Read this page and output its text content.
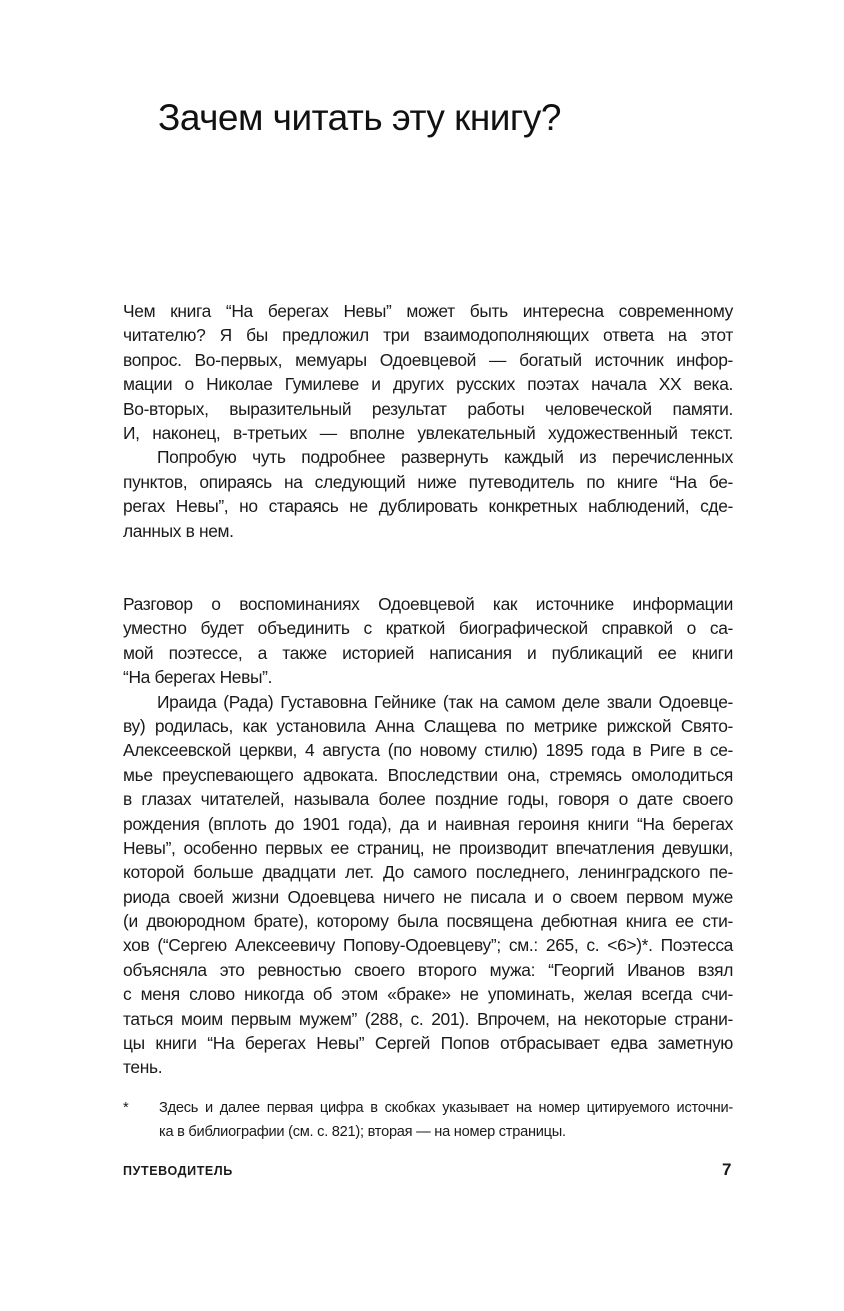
Зачем читать эту книгу?
Чем книга “На берегах Невы” может быть интересна современному
читателю? Я бы предложил три взаимодополняющих ответа на этот
вопрос. Во-первых, мемуары Одоевцевой — богатый источник инфор-
мации о Николае Гумилеве и других русских поэтах начала XX века.
Во-вторых, выразительный результат работы человеческой памяти.
И, наконец, в-третьих — вполне увлекательный художественный текст.
Попробую чуть подробнее развернуть каждый из перечисленных
пунктов, опираясь на следующий ниже путеводитель по книге “На бе-
регах Невы”, но стараясь не дублировать конкретных наблюдений, сде-
ланных в нем.
Разговор о воспоминаниях Одоевцевой как источнике информации
уместно будет объединить с краткой биографической справкой о са-
мой поэтессе, а также историей написания и публикаций ее книги
“На берегах Невы”.
Ираида (Рада) Густавовна Гейнике (так на самом деле звали Одоевце-
ву) родилась, как установила Анна Слащева по метрике рижской Свято-
Алексеевской церкви, 4 августа (по новому стилю) 1895 года в Риге в се-
мье преуспевающего адвоката. Впоследствии она, стремясь омолодиться
в глазах читателей, называла более поздние годы, говоря о дате своего
рождения (вплоть до 1901 года), да и наивная героиня книги “На берегах
Невы”, особенно первых ее страниц, не производит впечатления девушки,
которой больше двадцати лет. До самого последнего, ленинградского пе-
риода своей жизни Одоевцева ничего не писала и о своем первом муже
(и двоюродном брате), которому была посвящена дебютная книга ее сти-
хов (“Сергею Алексеевичу Попову-Одоевцеву”; см.: 265, с. <6>)*. Поэтесса
объясняла это ревностью своего второго мужа: “Георгий Иванов взял
с меня слово никогда об этом «браке» не упоминать, желая всегда счи-
таться моим первым мужем” (288, с. 201). Впрочем, на некоторые страни-
цы книги “На берегах Невы” Сергей Попов отбрасывает едва заметную
тень.
* Здесь и далее первая цифра в скобках указывает на номер цитируемого источни-
ка в библиографии (см. с. 821); вторая — на номер страницы.
ПУТЕВОДИТЕЛЬ	7
